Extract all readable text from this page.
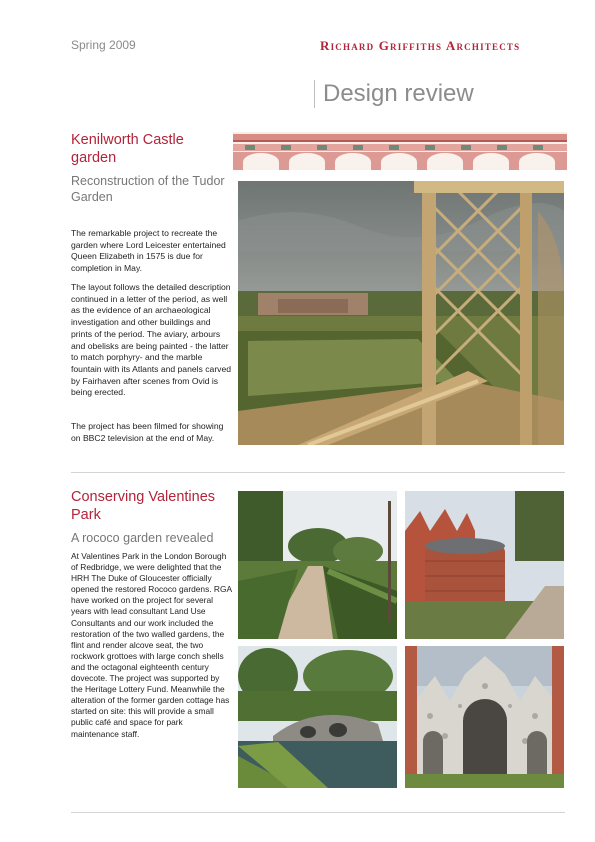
Spring 2009	Richard Griffiths Architects
Design review
Kenilworth Castle garden
Reconstruction of the Tudor Garden
The remarkable project to recreate the garden where Lord Leicester entertained Queen Elizabeth in 1575 is due for completion in May.
The layout follows the detailed description continued in a letter of the period, as well as the evidence of an archaeological investigation and other buildings and prints of the period. The aviary, arbours and obelisks are being painted - the latter to match porphyry- and the marble fountain with its Atlants and panels carved by Fairhaven after scenes from Ovid is being erected.
The project has been filmed for showing on BBC2 television at the end of May.
Conserving Valentines Park
A rococo garden revealed
At Valentines Park in the London Borough of Redbridge, we were delighted that the HRH The Duke of Gloucester officially opened the restored Rococo gardens. RGA have worked on the project for several years with lead consultant Land Use Consultants and our work included the restoration of the two walled gardens, the flint and render alcove seat, the two rockwork grottoes with large conch shells and the octagonal eighteenth century dovecote. The project was supported by the Heritage Lottery Fund. Meanwhile the alteration of the former garden cottage has started on site: this will provide a small public café and space for park maintenance staff.
